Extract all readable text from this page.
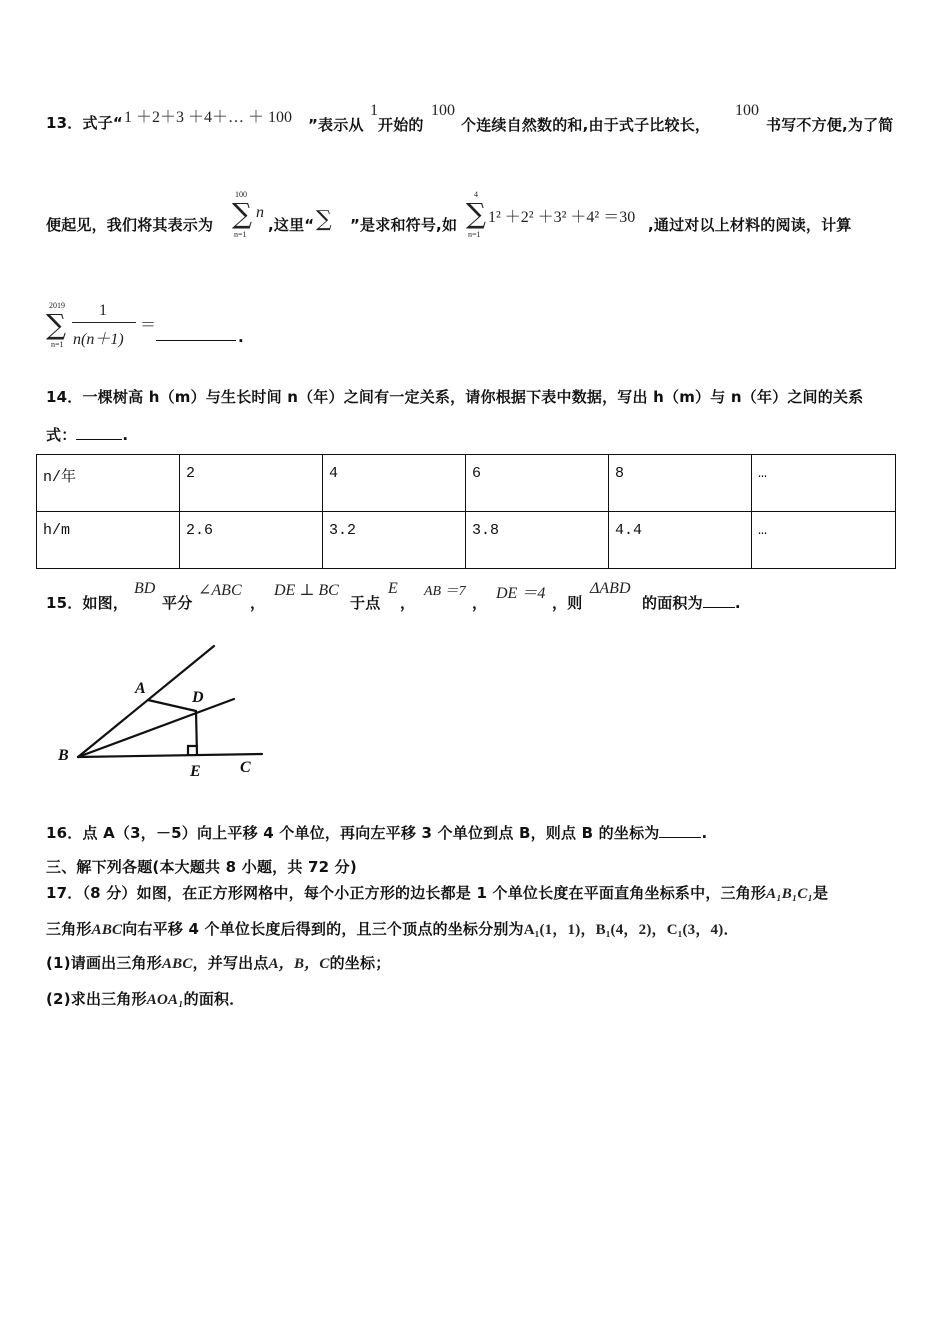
13．式子“ 1 ＋2＋3 ＋4＋… ＋ 100 ”表示从
1
开始的
100
个连续自然数的和,由于式子比较长，
100
书写不方便,为了简
便起见，我们将其表示为
100
∑ n
n=1
,这里“ ∑ ”是求和符号,如
4
∑
n=1
1² ＋2² ＋3² ＋4² ＝30 ,通过对以上材料的阅读，计算
2019
∑
n=1
1
n(n＋1)
＝
.
14．一棵树高 h（m）与生长时间 n（年）之间有一定关系，请你根据下表中数据，写出 h（m）与 n（年）之间的关系
式：	.
n/年	2	4	6	8	…
h/m	2.6	3.2	3.8	4.4	…
15．如图，
BD
平分
∠ABC
，
DE ⊥ BC
于点
E
，
AB ＝7
，
DE ＝4
，则
ΔABD
的面积为 .
A
D
B
E C
16．点 A（3，－5）向上平移 4 个单位，再向左平移 3 个单位到点 B，则点 B 的坐标为	.
三、解下列各题(本大题共 8 小题，共 72 分)
17．（8 分）如图，在正方形网格中，每个小正方形的边长都是 1 个单位长度在平面直角坐标系中，三角形A₁B₁C₁是
三角形ABC向右平移 4 个单位长度后得到的，且三个顶点的坐标分别为A₁(1，1)，B₁(4，2)，C₁(3，4)．
(1)请画出三角形ABC，并写出点A，B，C的坐标；
(2)求出三角形AOA₁的面积．
